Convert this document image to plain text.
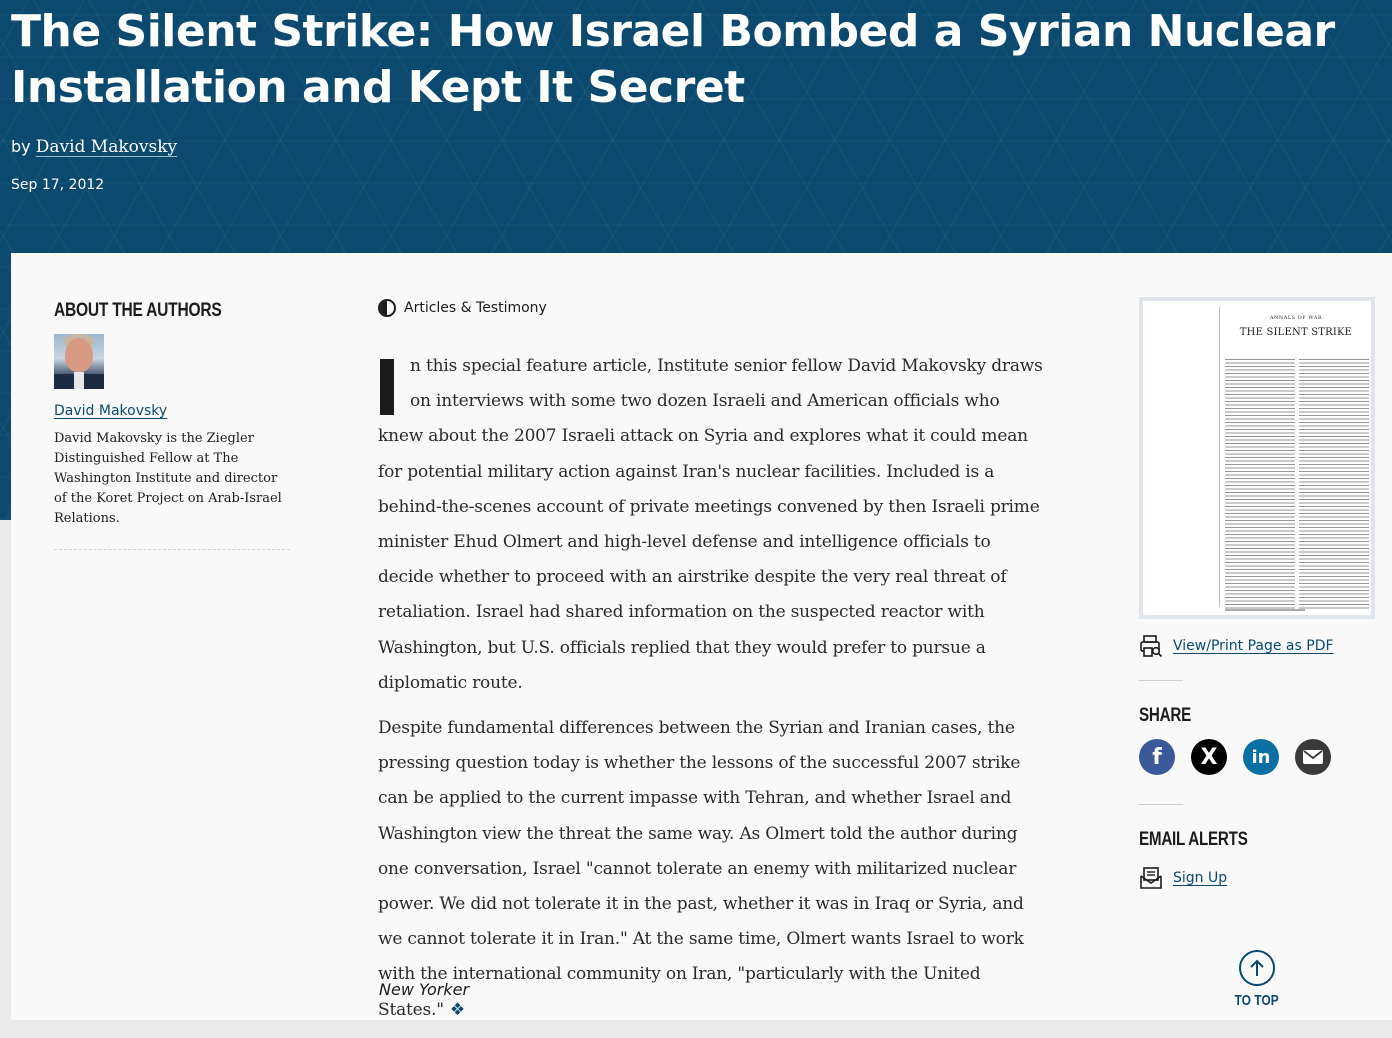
The Silent Strike: How Israel Bombed a Syrian Nuclear Installation and Kept It Secret
by David Makovsky
Sep 17, 2012
ABOUT THE AUTHORS
David Makovsky

David Makovsky is the Ziegler Distinguished Fellow at The Washington Institute and director of the Koret Project on Arab-Israel Relations.

Articles & Testimony

n this special feature article, Institute senior fellow David Makovsky draws on interviews with some two dozen Israeli and American officials who knew about the 2007 Israeli attack on Syria and explores what it could mean for potential military action against Iran's nuclear facilities. Included is a behind-the-scenes account of private meetings convened by then Israeli prime minister Ehud Olmert and high-level defense and intelligence officials to decide whether to proceed with an airstrike despite the very real threat of retaliation. Israel had shared information on the suspected reactor with Washington, but U.S. officials replied that they would prefer to pursue a diplomatic route.

Despite fundamental differences between the Syrian and Iranian cases, the pressing question today is whether the lessons of the successful 2007 strike can be applied to the current impasse with Tehran, and whether Israel and Washington view the threat the same way. As Olmert told the author during one conversation, Israel "cannot tolerate an enemy with militarized nuclear power. We did not tolerate it in the past, whether it was in Iraq or Syria, and we cannot tolerate it in Iran." At the same time, Olmert wants Israel to work with the international community on Iran, "particularly with the United States." ❖

New Yorker
ANNALS OF WAR
THE SILENT STRIKE
View/Print Page as PDF
SHARE
f X in
EMAIL ALERTS
Sign Up
TO TOP
